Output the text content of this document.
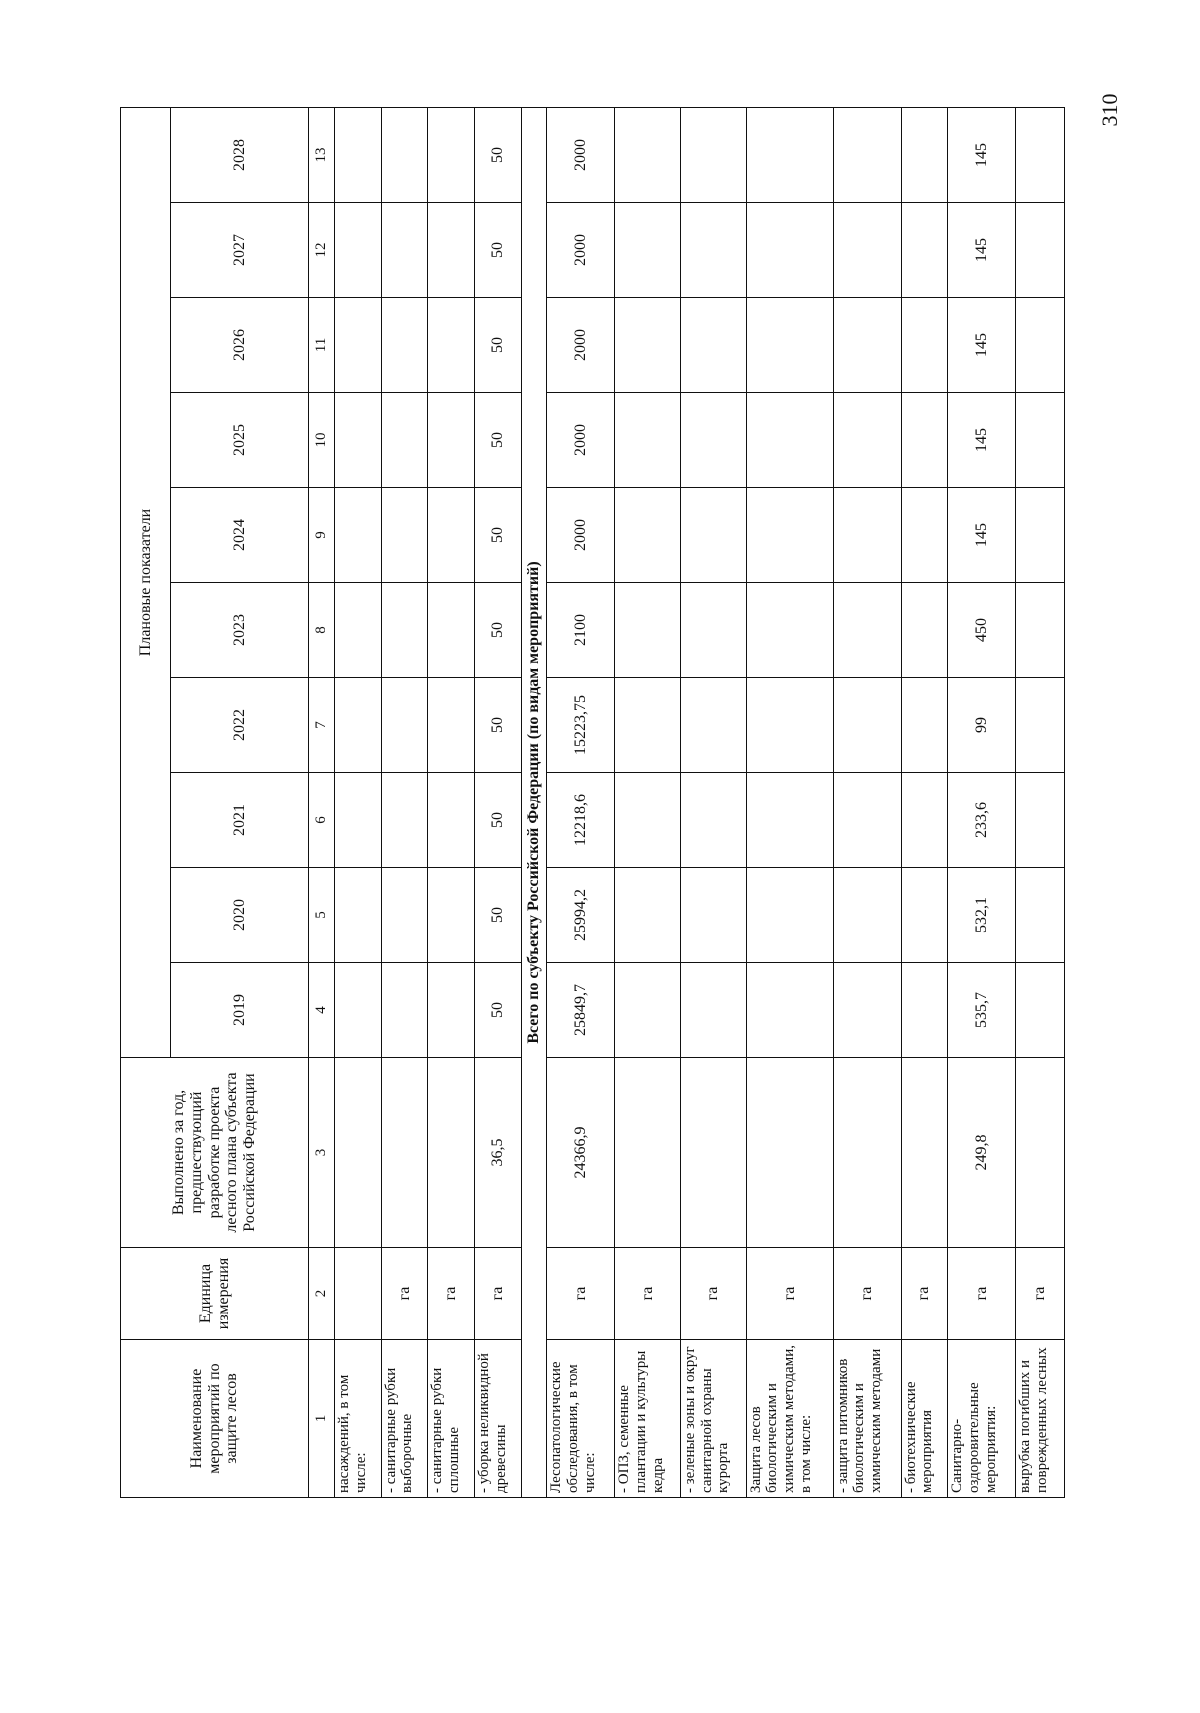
310
Наименование мероприятий по защите лесов	Единица измерения	Выполнено за год, предшествующий разработке проекта лесного плана субъекта Российской Федерации	Плановые показатели									
			2019	2020	2021	2022	2023	2024	2025	2026	2027	2028
1	2	3	4	5	6	7	8	9	10	11	12	13
насаждений, в том числе:												
- санитарные рубки выборочные	га											
- санитарные рубки сплошные	га											
- уборка неликвидной древесины	га	36,5	50	50	50	50	50	50	50	50	50	50
Всего по субъекту Российской Федерации (по видам мероприятий)												
Лесопатологические обследования, в том числе:	га	24366,9	25849,7	25994,2	12218,6	15223,75	2100	2000	2000	2000	2000	2000
- ОПЗ, семенные плантации и культуры кедра	га											
- зеленые зоны и округ санитарной охраны курорта	га											
Защита лесов биологическим и химическим методами, в том числе:	га											
- защита питомников биологическим и химическим методами	га											
- биотехнические мероприятия	га											
Санитарно-оздоровительные мероприятия:	га	249,8	535,7	532,1	233,6	99	450	145	145	145	145	145
вырубка погибших и поврежденных лесных	га											
